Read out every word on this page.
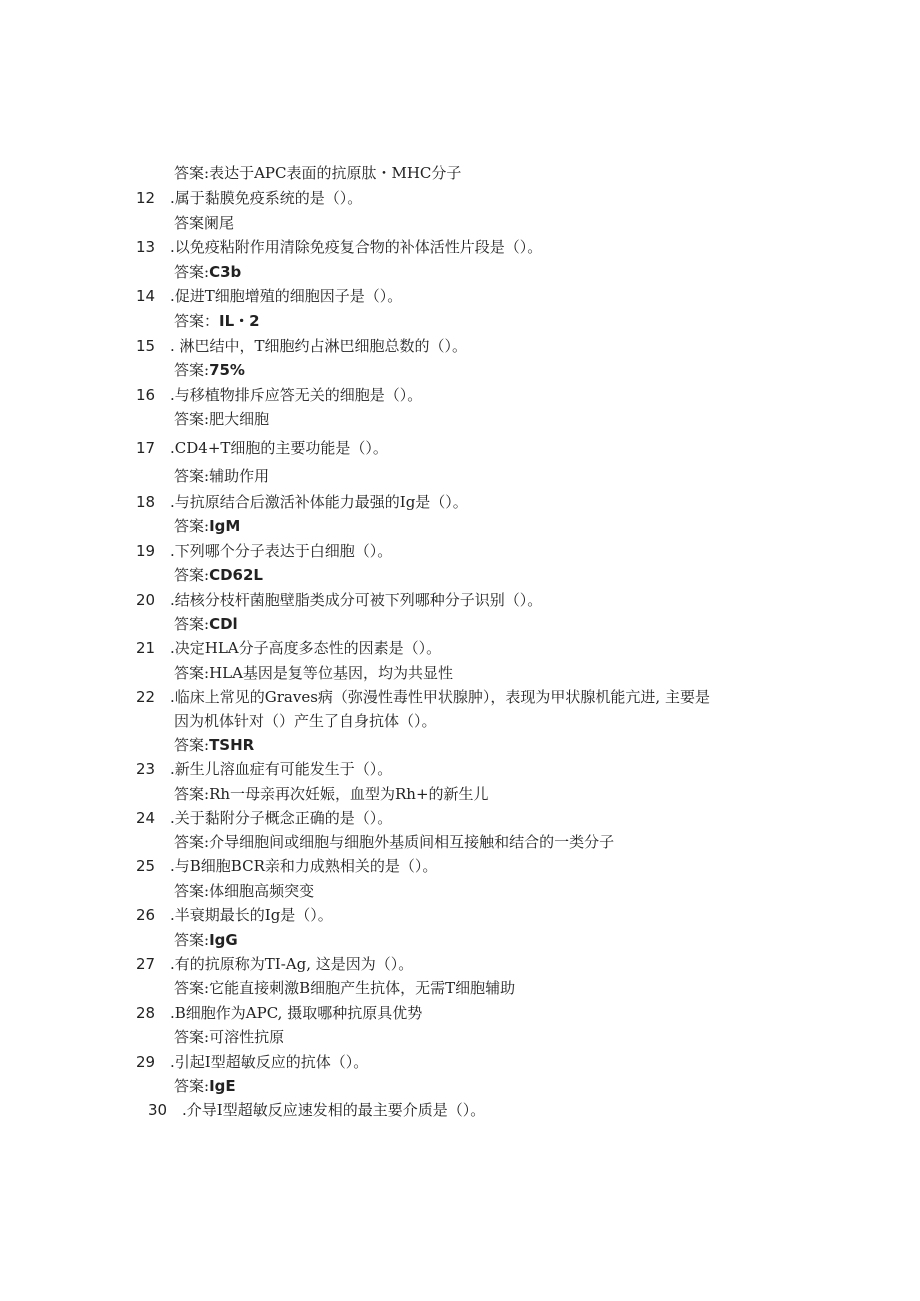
答案:表达于APC表面的抗原肽・MHC分子
12 .属于黏膜免疫系统的是（）。
答案阑尾
13 .以免疫粘附作用清除免疫复合物的补体活性片段是（）。
答案:C3b
14 .促进T细胞增殖的细胞因子是（）。
答案：IL・2
15 . 淋巴结中，T细胞约占淋巴细胞总数的（）。
答案:75%
16 .与移植物排斥应答无关的细胞是（）。
答案:肥大细胞
17 .CD4+T细胞的主要功能是（）。
答案:辅助作用
18 .与抗原结合后激活补体能力最强的Ig是（）。
答案:IgM
19 .下列哪个分子表达于白细胞（）。
答案:CD62L
20 .结核分枝杆菌胞壁脂类成分可被下列哪种分子识别（）。
答案:CDl
21 .决定HLA分子高度多态性的因素是（）。
答案:HLA基因是复等位基因，均为共显性
22 .临床上常见的Graves病（弥漫性毒性甲状腺肿），表现为甲状腺机能亢进, 主要是
因为机体针对（）产生了自身抗体（）。
答案:TSHR
23 .新生儿溶血症有可能发生于（）。
答案:Rh一母亲再次妊娠，血型为Rh+的新生儿
24 .关于黏附分子概念正确的是（）。
答案:介导细胞间或细胞与细胞外基质间相互接触和结合的一类分子
25 .与B细胞BCR亲和力成熟相关的是（）。
答案:体细胞高频突变
26 .半衰期最长的Ig是（）。
答案:IgG
27 .有的抗原称为TI-Ag, 这是因为（）。
答案:它能直接刺激B细胞产生抗体，无需T细胞辅助
28 .B细胞作为APC, 摄取哪种抗原具优势
答案:可溶性抗原
29 .引起I型超敏反应的抗体（）。
答案:IgE
30 .介导I型超敏反应速发相的最主要介质是（）。
